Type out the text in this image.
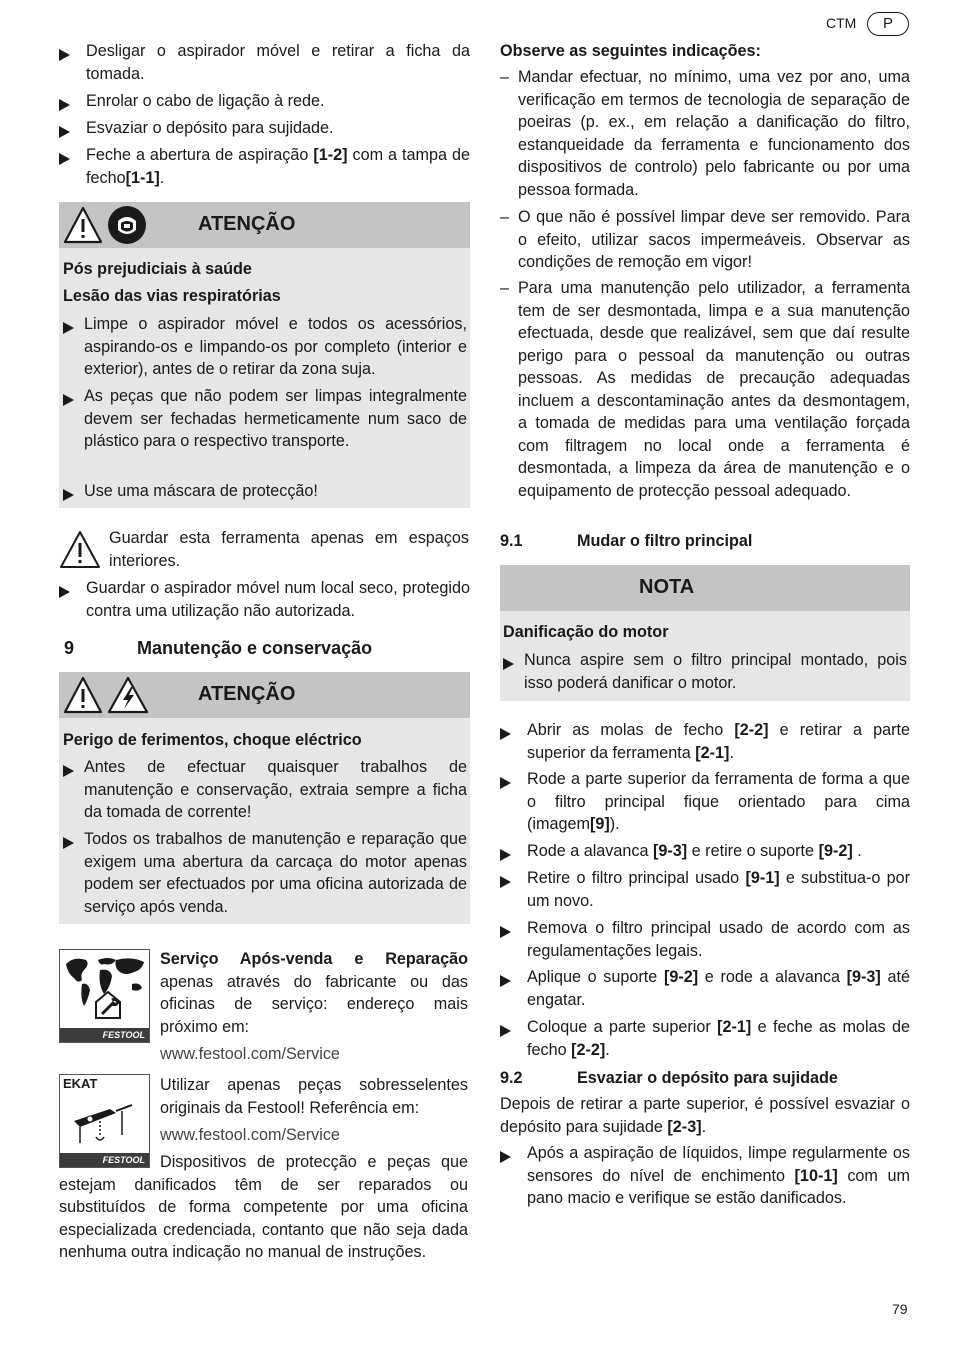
CTM	P
Desligar o aspirador móvel e retirar a ficha da tomada.
Enrolar o cabo de ligação à rede.
Esvaziar o depósito para sujidade.
Feche a abertura de aspiração [1-2] com a tampa de fecho[1-1].
ATENÇÃO
Pós prejudiciais à saúde
Lesão das vias respiratórias
Limpe o aspirador móvel e todos os acessórios, aspirando-os e limpando-os por completo (interior e exterior), antes de o retirar da zona suja.
As peças que não podem ser limpas integralmente devem ser fechadas hermeticamente num saco de plástico para o respectivo transporte.
Use uma máscara de protecção!
Guardar esta ferramenta apenas em espaços interiores.
Guardar o aspirador móvel num local seco, protegido contra uma utilização não autorizada.
9	Manutenção e conservação
ATENÇÃO
Perigo de ferimentos, choque eléctrico
Antes de efectuar quaisquer trabalhos de manutenção e conservação, extraia sempre a ficha da tomada de corrente!
Todos os trabalhos de manutenção e reparação que exigem uma abertura da carcaça do motor apenas podem ser efectuados por uma oficina autorizada de serviço após venda.
FESTOOL
Serviço Após-venda e Reparação apenas através do fabricante ou das oficinas de serviço: endereço mais próximo em:
www.festool.com/Service
EKAT
FESTOOL
Utilizar apenas peças sobresselentes originais da Festool! Referência em:
www.festool.com/Service
Dispositivos de protecção e peças que estejam danificados têm de ser reparados ou substituídos de forma competente por uma oficina especializada credenciada, contanto que não seja dada nenhuma outra indicação no manual de instruções.
Observe as seguintes indicações:
– Mandar efectuar, no mínimo, uma vez por ano, uma verificação em termos de tecnologia de separação de poeiras (p. ex., em relação a danificação do filtro, estanqueidade da ferramenta e funcionamento dos dispositivos de controlo) pelo fabricante ou por uma pessoa formada.
– O que não é possível limpar deve ser removido. Para o efeito, utilizar sacos impermeáveis. Observar as condições de remoção em vigor!
– Para uma manutenção pelo utilizador, a ferramenta tem de ser desmontada, limpa e a sua manutenção efectuada, desde que realizável, sem que daí resulte perigo para o pessoal da manutenção ou outras pessoas. As medidas de precaução adequadas incluem a descontaminação antes da desmontagem, a tomada de medidas para uma ventilação forçada com filtragem no local onde a ferramenta é desmontada, a limpeza da área de manutenção e o equipamento de protecção pessoal adequado.
9.1	Mudar o filtro principal
NOTA
Danificação do motor
Nunca aspire sem o filtro principal montado, pois isso poderá danificar o motor.
Abrir as molas de fecho [2-2] e retirar a parte superior da ferramenta [2-1].
Rode a parte superior da ferramenta de forma a que o filtro principal fique orientado para cima (imagem[9]).
Rode a alavanca [9-3] e retire o suporte [9-2] .
Retire o filtro principal usado [9-1] e substitua-o por um novo.
Remova o filtro principal usado de acordo com as regulamentações legais.
Aplique o suporte [9-2] e rode a alavanca [9-3] até engatar.
Coloque a parte superior [2-1] e feche as molas de fecho [2-2].
9.2	Esvaziar o depósito para sujidade
Depois de retirar a parte superior, é possível esvaziar o depósito para sujidade [2-3].
Após a aspiração de líquidos, limpe regularmente os sensores do nível de enchimento [10-1] com um pano macio e verifique se estão danificados.
79
